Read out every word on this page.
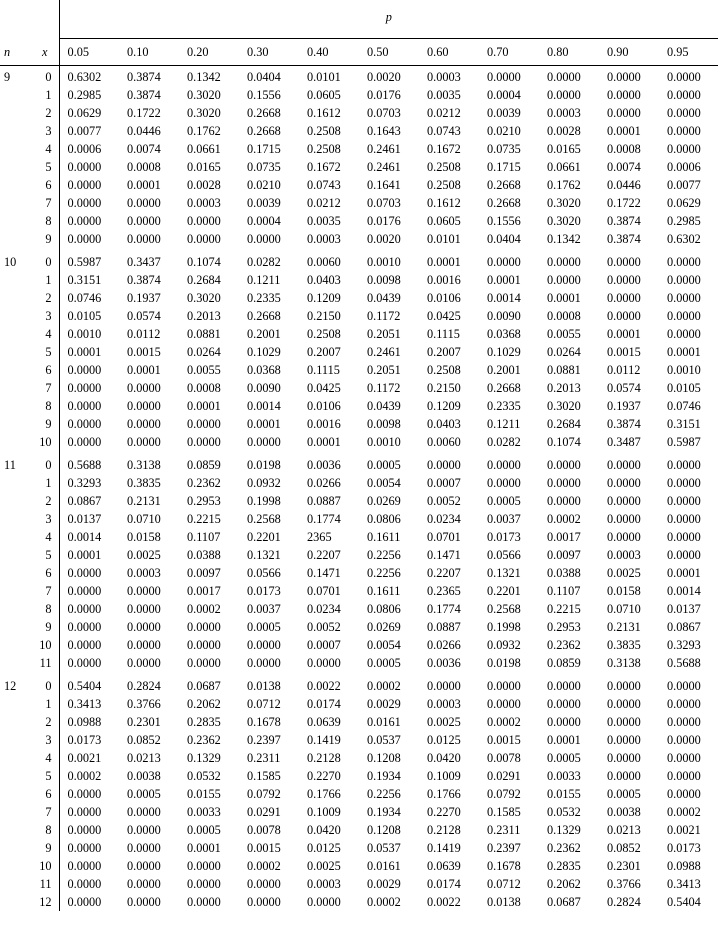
		p										
n	x	0.05	0.10	0.20	0.30	0.40	0.50	0.60	0.70	0.80	0.90	0.95
9	0	0.6302	0.3874	0.1342	0.0404	0.0101	0.0020	0.0003	0.0000	0.0000	0.0000	0.0000
	1	0.2985	0.3874	0.3020	0.1556	0.0605	0.0176	0.0035	0.0004	0.0000	0.0000	0.0000
	2	0.0629	0.1722	0.3020	0.2668	0.1612	0.0703	0.0212	0.0039	0.0003	0.0000	0.0000
	3	0.0077	0.0446	0.1762	0.2668	0.2508	0.1643	0.0743	0.0210	0.0028	0.0001	0.0000
	4	0.0006	0.0074	0.0661	0.1715	0.2508	0.2461	0.1672	0.0735	0.0165	0.0008	0.0000
	5	0.0000	0.0008	0.0165	0.0735	0.1672	0.2461	0.2508	0.1715	0.0661	0.0074	0.0006
	6	0.0000	0.0001	0.0028	0.0210	0.0743	0.1641	0.2508	0.2668	0.1762	0.0446	0.0077
	7	0.0000	0.0000	0.0003	0.0039	0.0212	0.0703	0.1612	0.2668	0.3020	0.1722	0.0629
	8	0.0000	0.0000	0.0000	0.0004	0.0035	0.0176	0.0605	0.1556	0.3020	0.3874	0.2985
	9	0.0000	0.0000	0.0000	0.0000	0.0003	0.0020	0.0101	0.0404	0.1342	0.3874	0.6302

10	0	0.5987	0.3437	0.1074	0.0282	0.0060	0.0010	0.0001	0.0000	0.0000	0.0000	0.0000
	1	0.3151	0.3874	0.2684	0.1211	0.0403	0.0098	0.0016	0.0001	0.0000	0.0000	0.0000
	2	0.0746	0.1937	0.3020	0.2335	0.1209	0.0439	0.0106	0.0014	0.0001	0.0000	0.0000
	3	0.0105	0.0574	0.2013	0.2668	0.2150	0.1172	0.0425	0.0090	0.0008	0.0000	0.0000
	4	0.0010	0.0112	0.0881	0.2001	0.2508	0.2051	0.1115	0.0368	0.0055	0.0001	0.0000
	5	0.0001	0.0015	0.0264	0.1029	0.2007	0.2461	0.2007	0.1029	0.0264	0.0015	0.0001
	6	0.0000	0.0001	0.0055	0.0368	0.1115	0.2051	0.2508	0.2001	0.0881	0.0112	0.0010
	7	0.0000	0.0000	0.0008	0.0090	0.0425	0.1172	0.2150	0.2668	0.2013	0.0574	0.0105
	8	0.0000	0.0000	0.0001	0.0014	0.0106	0.0439	0.1209	0.2335	0.3020	0.1937	0.0746
	9	0.0000	0.0000	0.0000	0.0001	0.0016	0.0098	0.0403	0.1211	0.2684	0.3874	0.3151
	10	0.0000	0.0000	0.0000	0.0000	0.0001	0.0010	0.0060	0.0282	0.1074	0.3487	0.5987

11	0	0.5688	0.3138	0.0859	0.0198	0.0036	0.0005	0.0000	0.0000	0.0000	0.0000	0.0000
	1	0.3293	0.3835	0.2362	0.0932	0.0266	0.0054	0.0007	0.0000	0.0000	0.0000	0.0000
	2	0.0867	0.2131	0.2953	0.1998	0.0887	0.0269	0.0052	0.0005	0.0000	0.0000	0.0000
	3	0.0137	0.0710	0.2215	0.2568	0.1774	0.0806	0.0234	0.0037	0.0002	0.0000	0.0000
	4	0.0014	0.0158	0.1107	0.2201	2365	0.1611	0.0701	0.0173	0.0017	0.0000	0.0000
	5	0.0001	0.0025	0.0388	0.1321	0.2207	0.2256	0.1471	0.0566	0.0097	0.0003	0.0000
	6	0.0000	0.0003	0.0097	0.0566	0.1471	0.2256	0.2207	0.1321	0.0388	0.0025	0.0001
	7	0.0000	0.0000	0.0017	0.0173	0.0701	0.1611	0.2365	0.2201	0.1107	0.0158	0.0014
	8	0.0000	0.0000	0.0002	0.0037	0.0234	0.0806	0.1774	0.2568	0.2215	0.0710	0.0137
	9	0.0000	0.0000	0.0000	0.0005	0.0052	0.0269	0.0887	0.1998	0.2953	0.2131	0.0867
	10	0.0000	0.0000	0.0000	0.0000	0.0007	0.0054	0.0266	0.0932	0.2362	0.3835	0.3293
	11	0.0000	0.0000	0.0000	0.0000	0.0000	0.0005	0.0036	0.0198	0.0859	0.3138	0.5688

12	0	0.5404	0.2824	0.0687	0.0138	0.0022	0.0002	0.0000	0.0000	0.0000	0.0000	0.0000
	1	0.3413	0.3766	0.2062	0.0712	0.0174	0.0029	0.0003	0.0000	0.0000	0.0000	0.0000
	2	0.0988	0.2301	0.2835	0.1678	0.0639	0.0161	0.0025	0.0002	0.0000	0.0000	0.0000
	3	0.0173	0.0852	0.2362	0.2397	0.1419	0.0537	0.0125	0.0015	0.0001	0.0000	0.0000
	4	0.0021	0.0213	0.1329	0.2311	0.2128	0.1208	0.0420	0.0078	0.0005	0.0000	0.0000
	5	0.0002	0.0038	0.0532	0.1585	0.2270	0.1934	0.1009	0.0291	0.0033	0.0000	0.0000
	6	0.0000	0.0005	0.0155	0.0792	0.1766	0.2256	0.1766	0.0792	0.0155	0.0005	0.0000
	7	0.0000	0.0000	0.0033	0.0291	0.1009	0.1934	0.2270	0.1585	0.0532	0.0038	0.0002
	8	0.0000	0.0000	0.0005	0.0078	0.0420	0.1208	0.2128	0.2311	0.1329	0.0213	0.0021
	9	0.0000	0.0000	0.0001	0.0015	0.0125	0.0537	0.1419	0.2397	0.2362	0.0852	0.0173
	10	0.0000	0.0000	0.0000	0.0002	0.0025	0.0161	0.0639	0.1678	0.2835	0.2301	0.0988
	11	0.0000	0.0000	0.0000	0.0000	0.0003	0.0029	0.0174	0.0712	0.2062	0.3766	0.3413
	12	0.0000	0.0000	0.0000	0.0000	0.0000	0.0002	0.0022	0.0138	0.0687	0.2824	0.5404
